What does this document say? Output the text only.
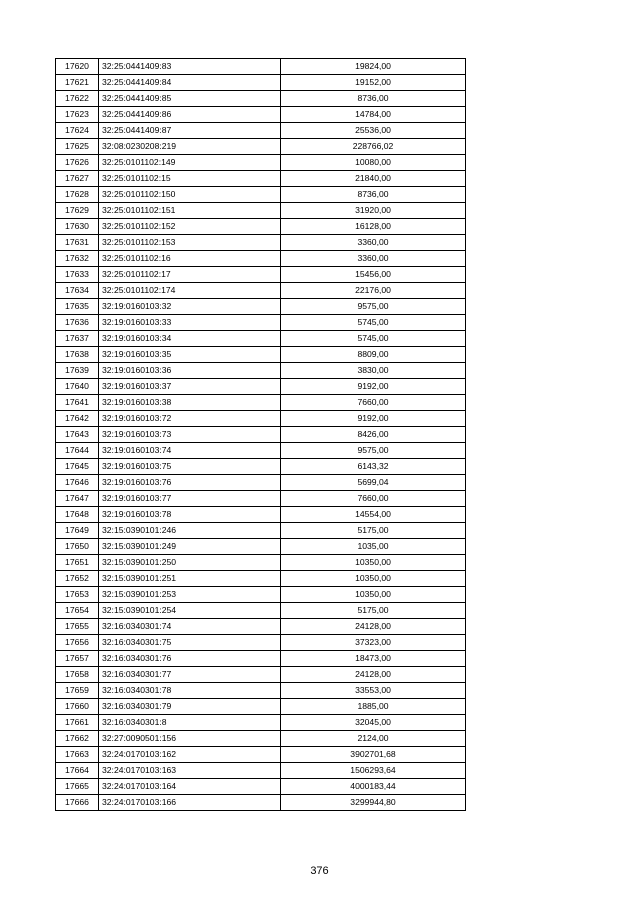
17620	32:25:0441409:83	19824,00
17621	32:25:0441409:84	19152,00
17622	32:25:0441409:85	8736,00
17623	32:25:0441409:86	14784,00
17624	32:25:0441409:87	25536,00
17625	32:08:0230208:219	228766,02
17626	32:25:0101102:149	10080,00
17627	32:25:0101102:15	21840,00
17628	32:25:0101102:150	8736,00
17629	32:25:0101102:151	31920,00
17630	32:25:0101102:152	16128,00
17631	32:25:0101102:153	3360,00
17632	32:25:0101102:16	3360,00
17633	32:25:0101102:17	15456,00
17634	32:25:0101102:174	22176,00
17635	32:19:0160103:32	9575,00
17636	32:19:0160103:33	5745,00
17637	32:19:0160103:34	5745,00
17638	32:19:0160103:35	8809,00
17639	32:19:0160103:36	3830,00
17640	32:19:0160103:37	9192,00
17641	32:19:0160103:38	7660,00
17642	32:19:0160103:72	9192,00
17643	32:19:0160103:73	8426,00
17644	32:19:0160103:74	9575,00
17645	32:19:0160103:75	6143,32
17646	32:19:0160103:76	5699,04
17647	32:19:0160103:77	7660,00
17648	32:19:0160103:78	14554,00
17649	32:15:0390101:246	5175,00
17650	32:15:0390101:249	1035,00
17651	32:15:0390101:250	10350,00
17652	32:15:0390101:251	10350,00
17653	32:15:0390101:253	10350,00
17654	32:15:0390101:254	5175,00
17655	32:16:0340301:74	24128,00
17656	32:16:0340301:75	37323,00
17657	32:16:0340301:76	18473,00
17658	32:16:0340301:77	24128,00
17659	32:16:0340301:78	33553,00
17660	32:16:0340301:79	1885,00
17661	32:16:0340301:8	32045,00
17662	32:27:0090501:156	2124,00
17663	32:24:0170103:162	3902701,68
17664	32:24:0170103:163	1506293,64
17665	32:24:0170103:164	4000183,44
17666	32:24:0170103:166	3299944,80
376
